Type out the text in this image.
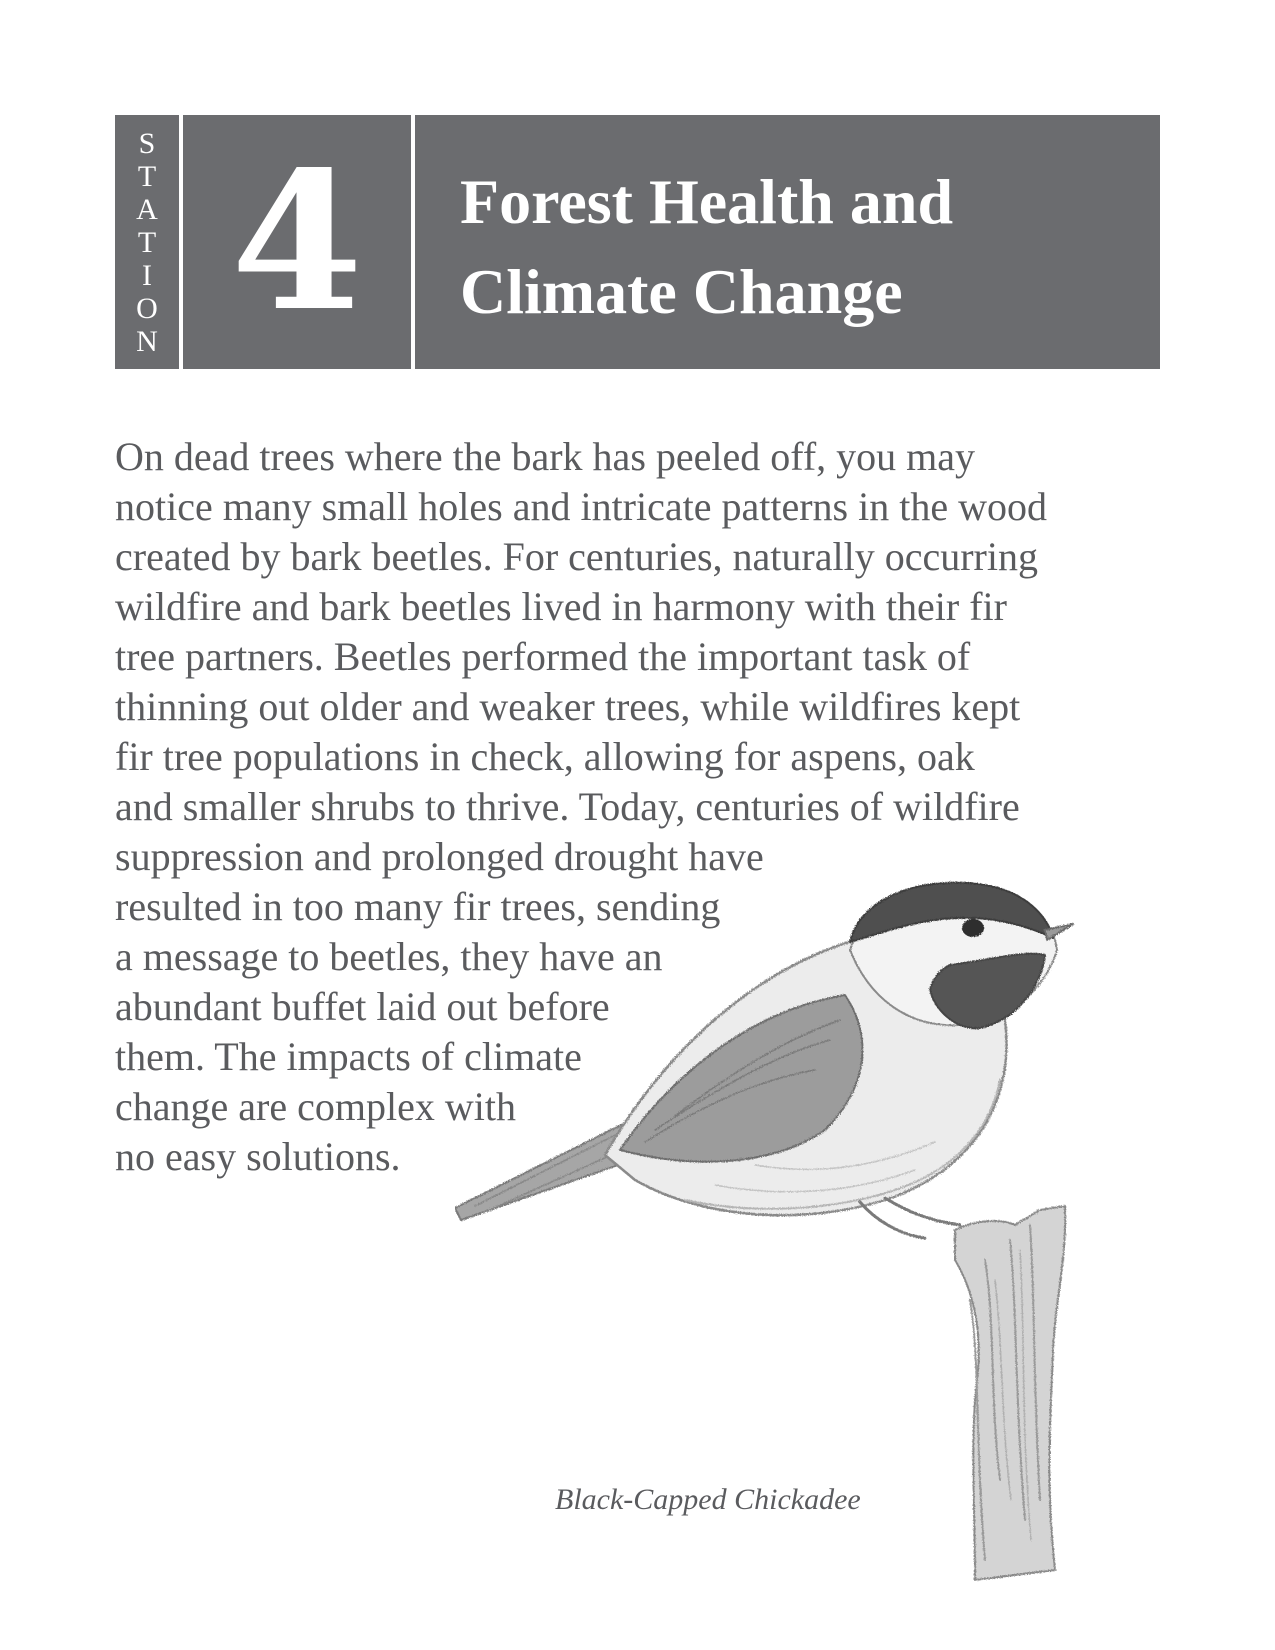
S
T
A
T
I
O
N 4	Forest Health and
Climate Change

On dead trees where the bark has peeled off, you may
notice many small holes and intricate patterns in the wood
created by bark beetles. For centuries, naturally occurring
wildfire and bark beetles lived in harmony with their fir
tree partners. Beetles performed the important task of
thinning out older and weaker trees, while wildfires kept
fir tree populations in check, allowing for aspens, oak
and smaller shrubs to thrive. Today, centuries of wildfire
suppression and prolonged drought have
resulted in too many fir trees, sending
a message to beetles, they have an
abundant buffet laid out before
them. The impacts of climate
change are complex with
no easy solutions.

Black-Capped Chickadee
